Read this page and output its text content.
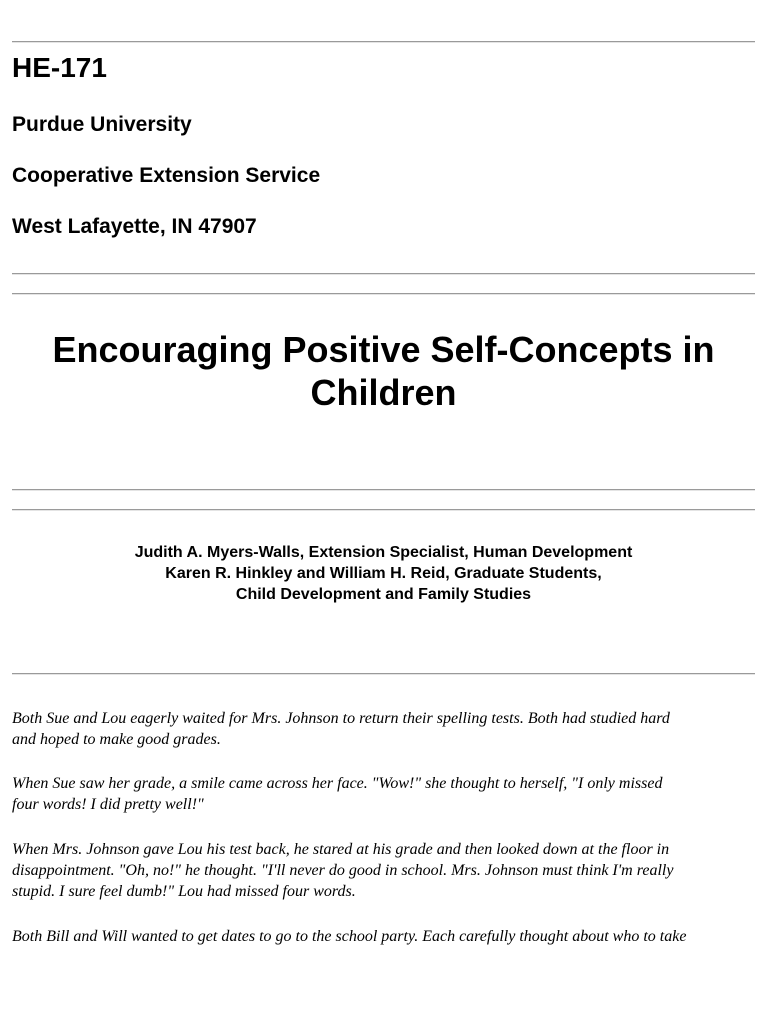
HE-171

Purdue University

Cooperative Extension Service

West Lafayette, IN 47907

Encouraging Positive Self-Concepts in
Children
Judith A. Myers-Walls, Extension Specialist, Human Development
Karen R. Hinkley and William H. Reid, Graduate Students,
Child Development and Family Studies

Both Sue and Lou eagerly waited for Mrs. Johnson to return their spelling tests. Both had studied hard
and hoped to make good grades.

When Sue saw her grade, a smile came across her face. "Wow!" she thought to herself, "I only missed
four words! I did pretty well!"

When Mrs. Johnson gave Lou his test back, he stared at his grade and then looked down at the floor in
disappointment. "Oh, no!" he thought. "I'll never do good in school. Mrs. Johnson must think I'm really
stupid. I sure feel dumb!" Lou had missed four words.

Both Bill and Will wanted to get dates to go to the school party. Each carefully thought about who to take
